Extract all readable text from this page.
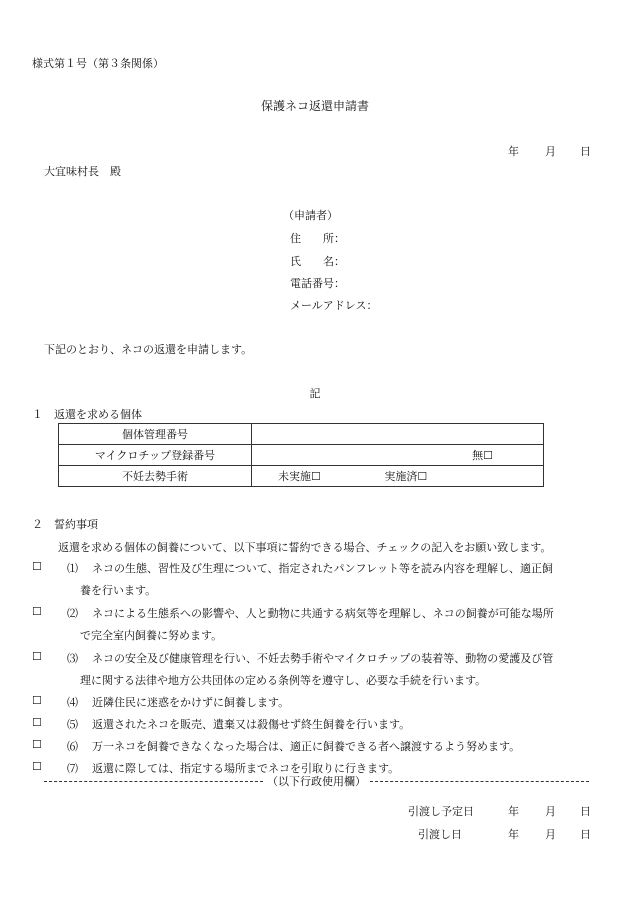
様式第１号（第３条関係）
保護ネコ返還申請書
年 月 日
大宜味村長　殿
（申請者）
住　　所：
氏　　名：
電話番号：
メールアドレス：
下記のとおり、ネコの返還を申請します。
記
１　返還を求める個体
個体管理番号	
マイクロチップ登録番号	無☐
不妊去勢手術	未実施☐ 実施済☐
２　誓約事項
返還を求める個体の飼養について、以下事項に誓約できる場合、チェックの記入をお願い致します。
☐ ⑴ ネコの生態、習性及び生理について、指定されたパンフレット等を読み内容を理解し、適正飼
養を行います。
☐ ⑵ ネコによる生態系への影響や、人と動物に共通する病気等を理解し、ネコの飼養が可能な場所
で完全室内飼養に努めます。
☐ ⑶ ネコの安全及び健康管理を行い、不妊去勢手術やマイクロチップの装着等、動物の愛護及び管
理に関する法律や地方公共団体の定める条例等を遵守し、必要な手続を行います。
☐ ⑷ 近隣住民に迷惑をかけずに飼養します。
☐ ⑸ 返還されたネコを販売、遺棄又は殺傷せず終生飼養を行います。
☐ ⑹ 万一ネコを飼養できなくなった場合は、適正に飼養できる者へ譲渡するよう努めます。
☐ ⑺ 返還に際しては、指定する場所までネコを引取りに行きます。
（以下行政使用欄）
引渡し予定日	年 月 日
引渡し日	年 月 日
